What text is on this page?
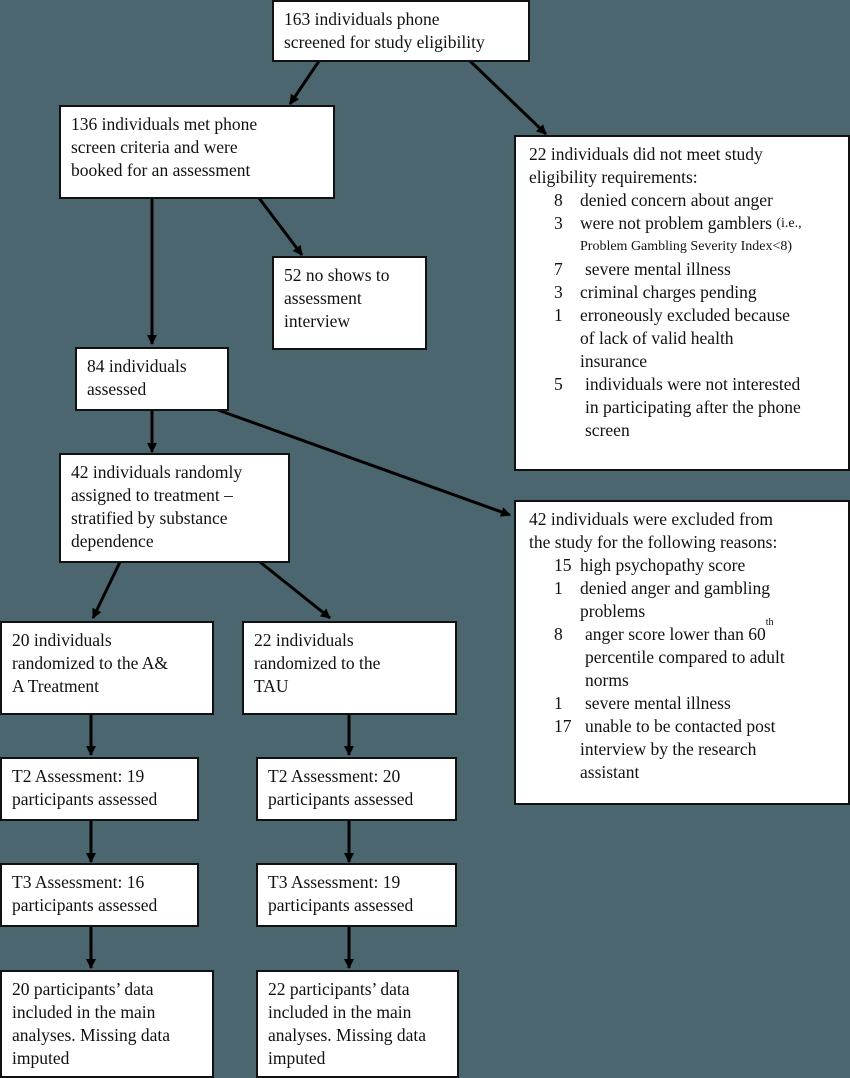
163 individuals phone
screened for study eligibility
136 individuals met phone
screen criteria and were
booked for an assessment
22 individuals did not meet study
eligibility requirements:
8 denied concern about anger
3 were not problem gamblers
(i.e.,
Problem Gambling Severity Index<8)
7	severe mental illness
3 criminal charges pending
1 erroneously excluded because
of lack of valid health
insurance
5	individuals were not interested
in participating after the phone
screen
52 no shows to
assessment
interview
84 individuals
assessed
42 individuals randomly
assigned to treatment –
stratified by substance
dependence
42 individuals were excluded from
the study for the following reasons:
15 high psychopathy score
1 denied anger and gambling
problems
8	anger score lower than 60
th
percentile compared to adult
norms
1	severe mental illness
17 unable to be contacted post
interview by the research
assistant
20 individuals
randomized to the A&
A Treatment
22 individuals
randomized to the
TAU
T2 Assessment: 19
participants assessed
T2 Assessment: 20
participants assessed
T3 Assessment: 16
participants assessed
T3 Assessment: 19
participants assessed
20 participants’ data
included in the main
analyses. Missing data
imputed
22 participants’ data
included in the main
analyses. Missing data
imputed
